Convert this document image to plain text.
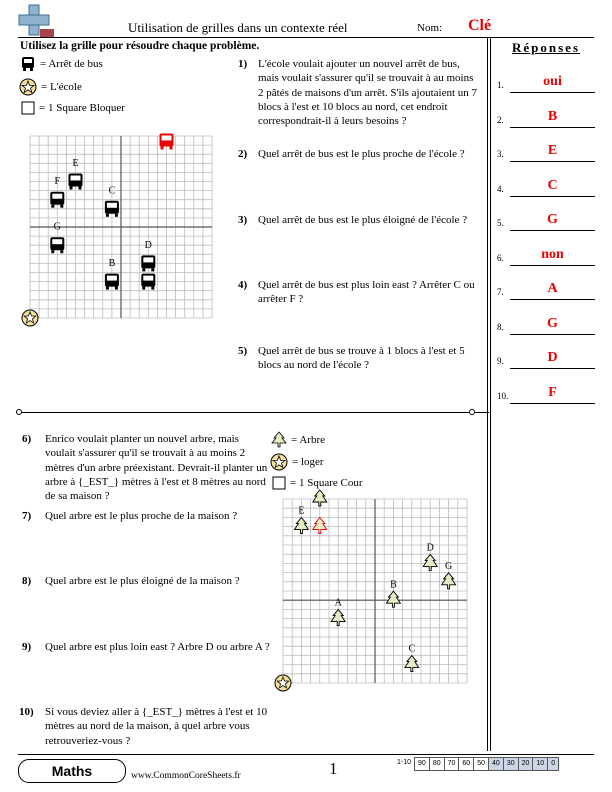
Utilisation de grilles dans un contexte réel	Nom: Clé
Utilisez la grille pour résoudre chaque problème.
= Arrêt de bus
= L'école
= 1 Square Bloquer
E
F
C
G
D
B
1) L'école voulait ajouter un nouvel arrêt de bus, mais voulait s'assurer qu'il se trouvait à au moins 2 pâtés de maisons d'un arrêt. S'ils ajoutaient un 7 blocs à l'est et 10 blocs au nord, cet endroit correspondrait-il à leurs besoins ?
2) Quel arrêt de bus est le plus proche de l'école ?
3) Quel arrêt de bus est le plus éloigné de l'école ?
4) Quel arrêt de bus est plus loin east ? Arrêter C ou arrêter F ?
5) Quel arrêt de bus se trouve à 1 blocs à l'est et 5 blocs au nord de l'école ?
6) Enrico voulait planter un nouvel arbre, mais voulait s'assurer qu'il se trouvait à au moins 2 mètres d'un arbre préexistant. Devrait-il planter un arbre à {_EST_} mètres à l'est et 8 mètres au nord de sa maison ?
7) Quel arbre est le plus proche de la maison ?
8) Quel arbre est le plus éloigné de la maison ?
9) Quel arbre est plus loin east ? Arbre D ou arbre A ?
10) Si vous deviez aller à {_EST_} mètres à l'est et 10 mètres au nord de la maison, à quel arbre vous retrouveriez-vous ?
= Arbre
= loger
= 1 Square Cour
E
D
G
B
A
C
Réponses
1.	oui
2.	B
3.	E
4.	C
5.	G
6.	non
7.	A
8.	G
9.	D
10.	F
Maths	www.CommonCoreSheets.fr	1	1-10	90	80	70	60	50	40	30	20	10	0
